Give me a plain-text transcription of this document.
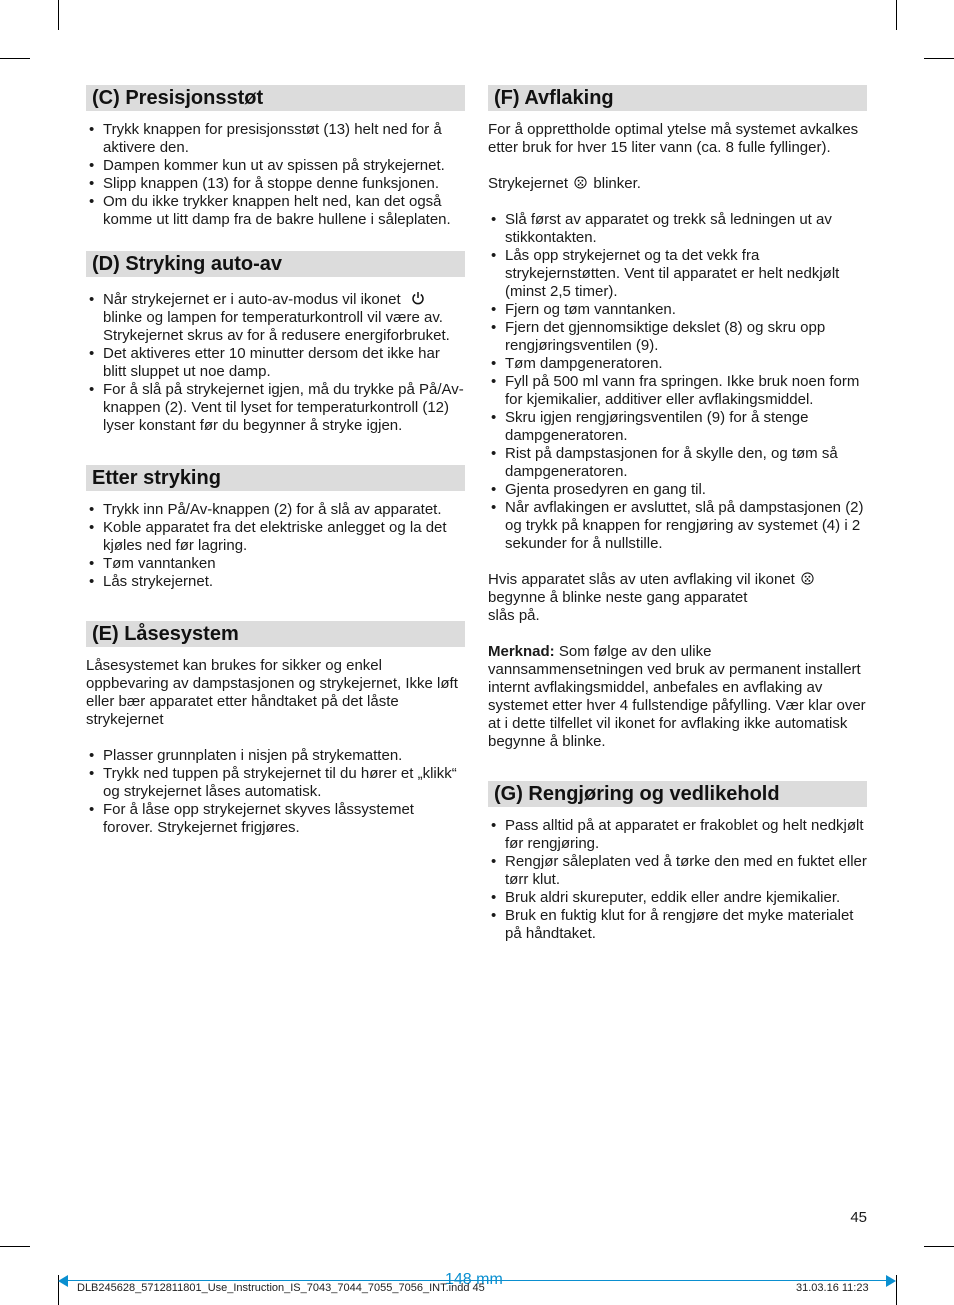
(C) Presisjonsstøt
• Trykk knappen for presisjonsstøt (13) helt ned for å aktivere den.
• Dampen kommer kun ut av spissen på strykejernet.
• Slipp knappen (13) for å stoppe denne funksjonen.
• Om du ikke trykker knappen helt ned, kan det også komme ut litt damp fra de bakre hullene i såleplaten.
(D) Stryking auto-av
• Når strykejernet er i auto-av-modus vil ikonet  blinke og lampen for temperaturkontroll vil være av. Strykejernet skrus av for å redusere energiforbruket.
• Det aktiveres etter 10 minutter dersom det ikke har blitt sluppet ut noe damp.
• For å slå på strykejernet igjen, må du trykke på På/Av-knappen (2). Vent til lyset for temperaturkontroll (12) lyser konstant før du begynner å stryke igjen.
Etter stryking
• Trykk inn På/Av-knappen (2) for å slå av apparatet.
• Koble apparatet fra det elektriske anlegget og la det kjøles ned før lagring.
• Tøm vanntanken
• Lås strykejernet.
(E) Låsesystem

Låsesystemet kan brukes for sikker og enkel oppbevaring av dampstasjonen og strykejernet, Ikke løft eller bær apparatet etter håndtaket på det låste strykejernet

• Plasser grunnplaten i nisjen på strykematten.
• Trykk ned tuppen på strykejernet til du hører et „klikk“ og strykejernet låses automatisk.
• For å låse opp strykejernet skyves låssystemet forover. Strykejernet frigjøres.
(F) Avflaking

For å opprettholde optimal ytelse må systemet avkalkes etter bruk for hver 15 liter vann (ca. 8 fulle fyllinger).

Strykejernet blinker.

• Slå først av apparatet og trekk så ledningen ut av stikkontakten.
• Lås opp strykejernet og ta det vekk fra strykejernstøtten. Vent til apparatet er helt nedkjølt (minst 2,5 timer).
• Fjern og tøm vanntanken.
• Fjern det gjennomsiktige dekslet (8) og skru opp rengjøringsventilen (9).
• Tøm dampgeneratoren.
• Fyll på 500 ml vann fra springen. Ikke bruk noen form for kjemikalier, additiver eller avflakingsmiddel.
• Skru igjen rengjøringsventilen (9) for å stenge dampgeneratoren.
• Rist på dampstasjonen for å skylle den, og tøm så dampgeneratoren.
• Gjenta prosedyren en gang til.
• Når avflakingen er avsluttet, slå på dampstasjonen (2) og trykk på knappen for rengjøring av systemet (4) i 2 sekunder for å nullstille.

Hvis apparatet slås av uten avflaking vil ikonet
begynne å blinke neste gang apparatet
slås på.

Merknad: Som følge av den ulike vannsammensetningen ved bruk av permanent installert internt avflakingsmiddel, anbefales en avflaking av systemet etter hver 4 fullstendige påfylling. Vær klar over at i dette tilfellet vil ikonet for avflaking ikke automatisk begynne å blinke.

(G) Rengjøring og vedlikehold
• Pass alltid på at apparatet er frakoblet og helt nedkjølt før rengjøring.
• Rengjør såleplaten ved å tørke den med en fuktet eller tørr klut.
• Bruk aldri skureputer, eddik eller andre kjemikalier.
• Bruk en fuktig klut for å rengjøre det myke materialet på håndtaket.
45
148 mm
DLB245628_5712811801_Use_Instruction_IS_7043_7044_7055_7056_INT.indd 45	31.03.16 11:23
